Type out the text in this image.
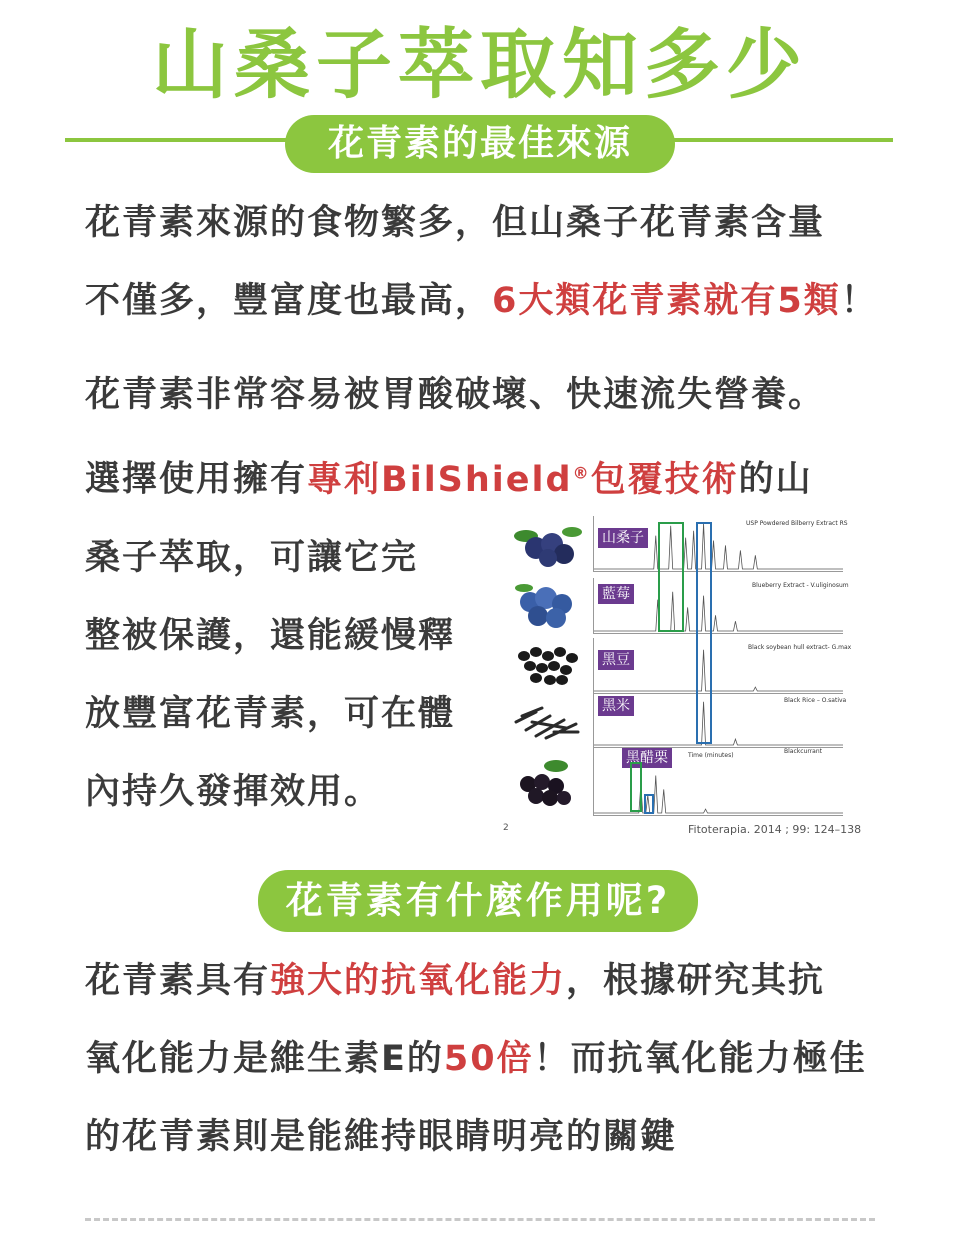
山桑子萃取知多少
花青素的最佳來源
花青素來源的食物繁多，但山桑子花青素含量
不僅多，豐富度也最高，6大類花青素就有5類！
花青素非常容易被胃酸破壞、快速流失營養。
選擇使用擁有專利BilShield®包覆技術的山
桑子萃取，可讓它完
整被保護，還能緩慢釋
放豐富花青素，可在體
內持久發揮效用。
山桑子
USP Powdered Bilberry Extract RS
藍莓
Blueberry Extract - V.uliginosum
黑豆
Black soybean hull extract- G.max
黑米	Black Rice – O.sativa
黑醋栗	Time (minutes)
Blackcurrant
2	Fitoterapia. 2014 ; 99: 124–138
花青素有什麼作用呢?
花青素具有強大的抗氧化能力，根據研究其抗
氧化能力是維生素E的50倍！而抗氧化能力極佳
的花青素則是能維持眼睛明亮的關鍵
